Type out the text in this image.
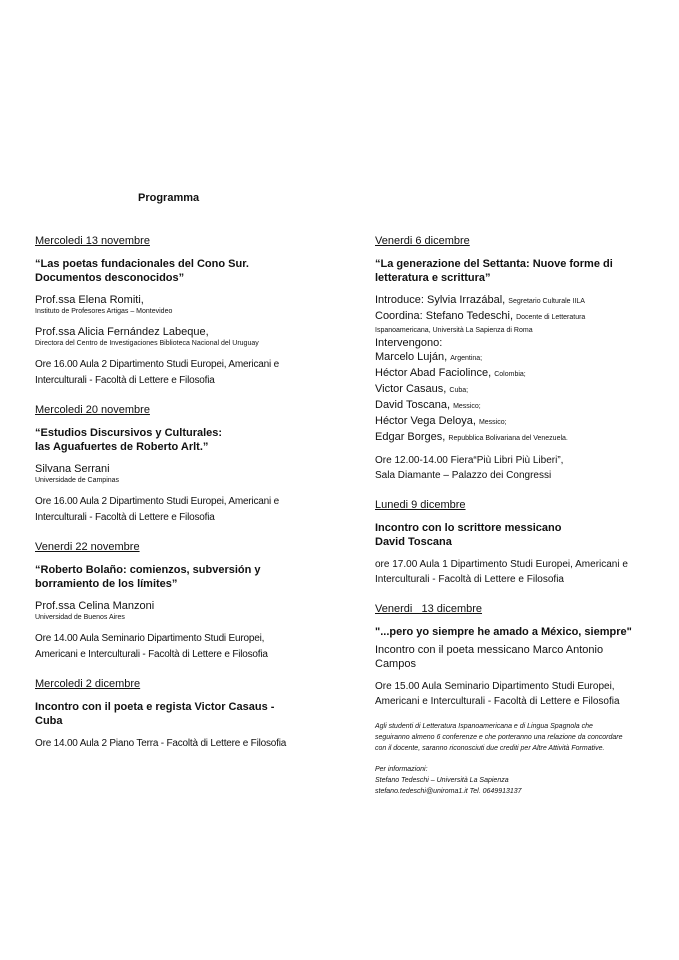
Programma
Mercoledi 13 novembre
“Las poetas fundacionales del Cono Sur.
Documentos desconocidos”
Prof.ssa Elena Romiti,
Instituto de Profesores Artigas – Montevideo
Prof.ssa Alicia Fernández Labeque,
Directora del Centro de Investigaciones Biblioteca Nacional del Uruguay
Ore 16.00 Aula 2 Dipartimento Studi Europei, Americani e
Interculturali - Facoltà di Lettere e Filosofia
Mercoledi 20 novembre
“Estudios Discursivos y Culturales:
las Aguafuertes de Roberto Arlt.”
Silvana Serrani
Universidade de Campinas
Ore 16.00 Aula 2 Dipartimento Studi Europei, Americani e
Interculturali - Facoltà di Lettere e Filosofia
Venerdi 22 novembre
“Roberto Bolaño: comienzos, subversión y
borramiento de los límites”
Prof.ssa Celina Manzoni
Universidad de Buenos Aires
Ore 14.00 Aula Seminario Dipartimento Studi Europei,
Americani e Interculturali - Facoltà di Lettere e Filosofia
Mercoledi 2 dicembre
Incontro con il poeta e regista Victor Casaus -
Cuba
Ore 14.00 Aula 2 Piano Terra - Facoltà di Lettere e Filosofia
Venerdi 6 dicembre
“La generazione del Settanta: Nuove forme di
letteratura e scrittura”
Introduce: Sylvia Irrazábal, Segretario Culturale IILA
Coordina: Stefano Tedeschi, Docente di Letteratura
Ispanoamericana, Università La Sapienza di Roma
Intervengono:
Marcelo Luján, Argentina;
Héctor Abad Faciolince, Colombia;
Victor Casaus, Cuba;
David Toscana, Messico;
Héctor Vega Deloya, Messico;
Edgar Borges, Repubblica Bolivariana del Venezuela.
Ore 12.00-14.00 Fiera“Più Libri Più Liberi”,
Sala Diamante – Palazzo dei Congressi
Lunedi 9 dicembre
Incontro con lo scrittore messicano
David Toscana
ore 17.00 Aula 1 Dipartimento Studi Europei, Americani e
Interculturali - Facoltà di Lettere e Filosofia
Venerdi   13 dicembre
"...pero yo siempre he amado a México, siempre"
Incontro con il poeta messicano Marco Antonio
Campos
Ore 15.00 Aula Seminario Dipartimento Studi Europei,
Americani e Interculturali - Facoltà di Lettere e Filosofia
Agli studenti di Letteratura Ispanoamericana e di Lingua Spagnola che
seguiranno almeno 6 conferenze e che porteranno una relazione da concordare
con il docente, saranno riconosciuti due crediti per Altre Attività Formative.
Per informazioni:
Stefano Tedeschi – Università La Sapienza
stefano.tedeschi@uniroma1.it Tel. 0649913137
